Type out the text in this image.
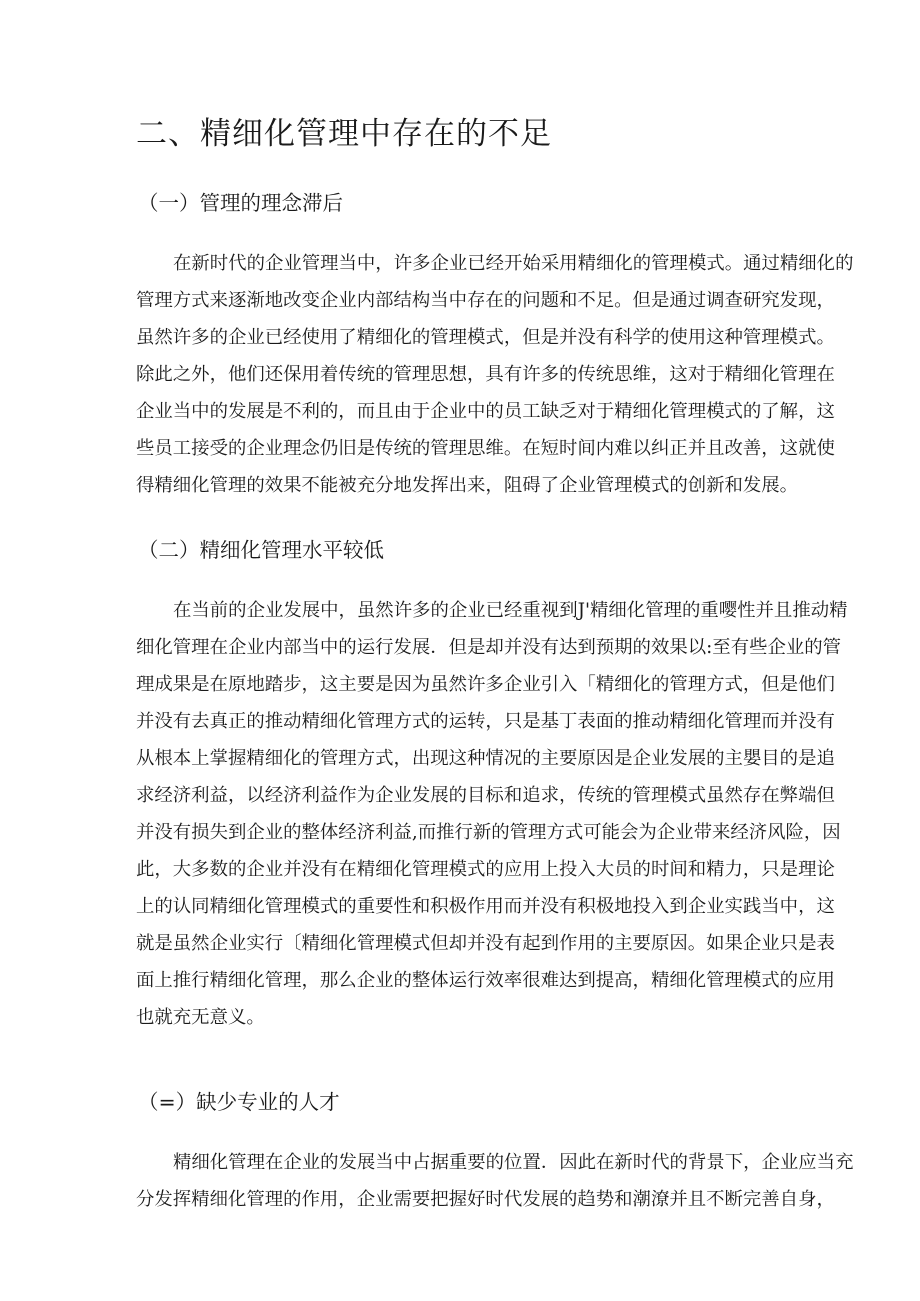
二、精细化管理中存在的不足
（一）管理的理念滞后
在新时代的企业管理当中，许多企业已经开始采用精细化的管理模式。通过精细化的
管理方式来逐渐地改变企业内部结构当中存在的问题和不足。但是通过调查研究发现，
虽然许多的企业已经使用了精细化的管理模式，但是并没有科学的使用这种管理模式。
除此之外，他们还保用着传统的管理思想，具有许多的传统思维，这对于精细化管理在
企业当中的发展是不利的，而且由于企业中的员工缺乏对于精细化管理模式的了解，这
些员工接受的企业理念仍旧是传统的管理思维。在短时间内难以纠正并且改善，这就使
得精细化管理的效果不能被充分地发挥出来，阻碍了企业管理模式的创新和发展。
（二）精细化管理水平较低
在当前的企业发展中，虽然许多的企业已经重视到J'精细化管理的重嘤性并且推动精
细化管理在企业内部当中的运行发展．但是却并没有达到预期的效果以:至有些企业的管
理成果是在原地踏步，这主要是因为虽然许多企业引入「精细化的管理方式，但是他们
并没有去真正的推动精细化管理方式的运转，只是基丁表面的推动精细化管理而并没有
从根本上掌握精细化的管理方式，出现这种情况的主要原因是企业发展的主嬰目的是追
求经济利益，以经济利益作为企业发展的目标和追求，传统的管理模式虽然存在弊端但
并没有损失到企业的整体经济利益,而推行新的管理方式可能会为企业带来经济风险，因
此，大多数的企业并没有在精细化管理模式的应用上投入大员的时间和精力，只是理论
上的认同精细化管理模式的重要性和积极作用而并没有积极地投入到企业实践当中，这
就是虽然企业实行〔精细化管理模式但却并没有起到作用的主要原因。如果企业只是表
面上推行精细化管理，那么企业的整体运行效率很难达到提高，精细化管理模式的应用
也就充无意义。
（=）缺少专业的人才
精细化管理在企业的发展当中占据重要的位置．因此在新时代的背景下，企业应当充
分发挥精细化管理的作用，企业需要把握好时代发展的趋势和潮潦并且不断完善自身，
